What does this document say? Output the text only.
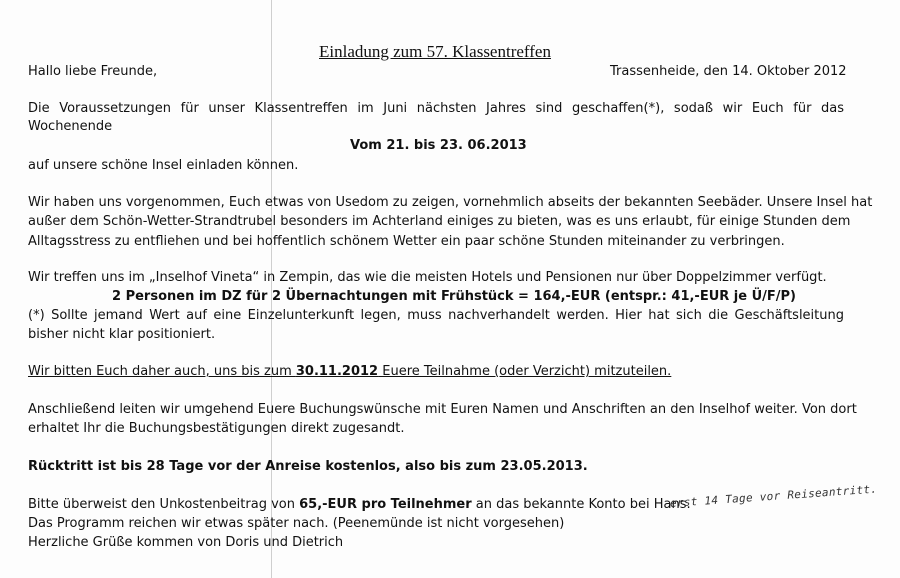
Einladung zum 57. Klassentreffen
Hallo liebe Freunde,	Trassenheide, den 14. Oktober 2012
Die Voraussetzungen für unser Klassentreffen im Juni nächsten Jahres sind geschaffen(*), sodaß wir Euch für das
Wochenende
Vom 21. bis 23. 06.2013
auf unsere schöne Insel einladen können.
Wir haben uns vorgenommen, Euch etwas von Usedom zu zeigen, vornehmlich abseits der bekannten Seebäder. Unsere Insel hat
außer dem Schön-Wetter-Strandtrubel besonders im Achterland einiges zu bieten, was es uns erlaubt, für einige Stunden dem
Alltagsstress zu entfliehen und bei hoffentlich schönem Wetter ein paar schöne Stunden miteinander zu verbringen.
Wir treffen uns im „Inselhof Vineta“ in Zempin, das wie die meisten Hotels und Pensionen nur über Doppelzimmer verfügt.
2 Personen im DZ für 2 Übernachtungen mit Frühstück = 164,-EUR (entspr.: 41,-EUR je Ü/F/P)
(*) Sollte jemand Wert auf eine Einzelunterkunft legen, muss nachverhandelt werden. Hier hat sich die Geschäftsleitung
bisher nicht klar positioniert.
Wir bitten Euch daher auch, uns bis zum 30.11.2012 Euere Teilnahme (oder Verzicht) mitzuteilen.
Anschließend leiten wir umgehend Euere Buchungswünsche mit Euren Namen und Anschriften an den Inselhof weiter. Von dort
erhaltet Ihr die Buchungsbestätigungen direkt zugesandt.
Rücktritt ist bis 28 Tage vor der Anreise kostenlos, also bis zum 23.05.2013.
Bitte überweist den Unkostenbeitrag von 65,-EUR pro Teilnehmer an das bekannte Konto bei Hans.
erst 14 Tage vor Reiseantritt.
Das Programm reichen wir etwas später nach. (Peenemünde ist nicht vorgesehen)
Herzliche Grüße kommen von Doris und Dietrich
